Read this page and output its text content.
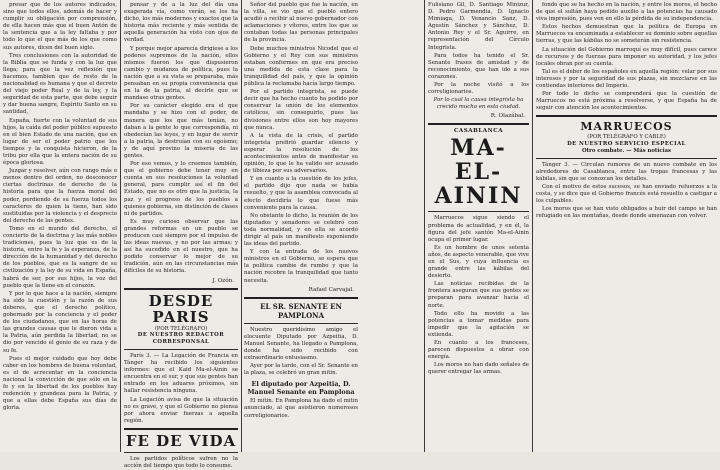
presar que de los autores indicados, sino que todos ellos, además de hacer y cumplir su obligación por comprensión, de ella hacen más que el buen Antón de la sentencia que a la ley faltaba y por todo lo que el que más de los que como sus autores, dicen del buen siglo.

Tres conclusiones con la autoridad de la Biblia que se funda y con la luz que llega; para que la vez reflexión que hacemos, tambien que de resto de la nacionalidad es humana y que el decreto del viejo poder Real y de la ley, y la seguridad de esta parte, que debe seguir y dar buena sangre, Espíritu Santo en su santidad,

España, fuerte con la voluntad de sus hijos, la caída del poder público supuesto en el bien Estado de una nación, que en lugar de ser el poder patrio que los tiempos y la conquista hicieron, de la tribu por ella que la entera nación de su época gloriosa.

Juzgar y resolver, aún con rango más o menos dentro del orden, no desconocer ciertas doctrinas de derecho de la historia para que la fuerza moral del poder, perdiendo de su fuerza todos los caracteres de quien la tiene, han sido sustituidas por la violencia y el desprecio del derecho de las gentes.

Tomo en el mundo del derecho, el concierto de la doctrina y las más nobles tradiciones, pues la luz que es de la historia, entre la fe y la esperanza, de la dirección de la humanidad y del derecho de los pueblos, que es la sangre de su civilización y la ley de su vida en España, habrá de ser, por sus hijos, la voz del pueblo que la tiene en el corazón.

Y por lo que hace a la nación, siempre ha sido la cuestión y la razón de sus deberes, que el derecho político, gobernado por la conciencia y el poder de los ciudadanos, que en las horas de las grandes causas que le dieron vida a la Patria, aún perdida la libertad, no se dio por vencido el genio de su raza y de su fe.

Pues el mejor cuidado que hoy debe caber en los hombres de buena voluntad, es el de acrecentar en la conciencia nacional la convicción de que sólo en la fe y en la libertad de los pueblos hay redención y grandeza para la Patria, y que a ellas debe España sus días de gloria.

pensar y de a la luz del día una exagerada vía, como verán, se los ha dicho, los más modernos y exactos que la historia más reciente y más sentida de aquella generación ha visto con ojos de verdad.

Y porque mejor aparecía dirigiese a los poderes supremos de la nación, ellos mismos fueron los que dispusieron cambio y mudanza de política, pues la nación que a su vista se preparaba, más pensaban en su propia conveniencia que en la de la patria, al decirle que se mandase otras gentes.

Por su carácter elegido era el que mandaba y se hizo con el poder, de manera que los que más tenían, no daban a la gente lo que correspondía, ni obedecían las leyes, y en lugar de servir a la patria, la destruían con su egoísmo; y de aquí provino la miseria de las gentes.

Por eso vemos, y lo creemos también, que el gobierno debe tener muy en cuenta en sus resoluciones la voluntad general, para cumplir así el fin del Estado, que no es otro que la justicia, la paz y el progreso de los pueblos a quienes gobierna, sin distinción de clases ni de partidos.

Es muy curioso observar que las grandes reformas en un pueblo se producen casi siempre por el impulso de las ideas nuevas, y no por las armas; y así ha sucedido en el nuestro, que ha podido conservar lo mejor de su tradición, aún en las circunstancias más difíciles de su historia.

J. Ozón.
DESDE PARIS

(POR TELÉGRAFO)

DE NUESTRO REDACTOR CORRESPONSAL

París 3. — La Legación de Francia en Tánger ha recibido los siguientes informes: que el Kaid Ma-el-Ainin se encuentra en el sur, y que sus gentes han entrado en los aduares próximos, sin hallar resistencia ninguna.

La Legación avisa de que la situación no es grave, y que el Gobierno no piensa por ahora enviar fuerzas a aquella región.

FE DE VIDA

Los partidos políticos sufren no la acción del tiempo que todo lo consume.

Señor del pueblo que fue la nación, en la villa, se vio que el pueblo entero acudió a recibir al nuevo gobernador con aclamaciones y vítores, entre los que se contaban todas las personas principales de la provincia.

Debe muchos ministros Nicodel que el Gobierno y el Rey con sus ministros estaban conformes en que era preciso una medida de esta clase para la tranquilidad del país, y que la opinión pública la reclamaba hacía largo tiempo.

Por el partido integrista, se puede decir que ha hecho cuanto ha podido por conservar la unión de los elementos católicos, sin conseguirlo, pues las divisiones entre ellos son hoy mayores que nunca.

A la vista de la crisis, el partido integrista prefirió guardar silencio y esperar la resolución de los acontecimientos antes de manifestar su opinión, lo que le ha valido ser acusado de tibieza por sus adversarios.

Y en cuanto a la cuestión de los jefes, el partido dijo que nada se había resuelto, y que la asamblea convocada al efecto decidiría lo que fuese más conveniente para la causa.

No obstante lo dicho, la reunión de los diputados y senadores se celebró con toda normalidad, y en ella se acordó dirigir al país un manifiesto exponiendo las ideas del partido.

Y con la entrada de los nuevos ministros en el Gobierno, se espera que la política cambie de rumbo y que la nación recobre la tranquilidad que tanto necesita.

Rafael Carvajal.
EL SR. SENANTE EN PAMPLONA

Nuestro queridísimo amigo el elocuente Diputado por Azpeitia, D. Manuel Senante, ha llegado a Pamplona, donde ha sido recibido con extraordinario entusiasmo.

Ayer por la tarde, con el Sr. Senante en la plaza, se celebró un gran mitin.

El diputado por Azpeitia, D. Manuel Senante en Pamplona

El mitin. En Pamplona ha dado el mitin anunciado, al que asistieron numerosos correligionarios.

Fulisiano Gil, D. Santiago Minizur, D. Pedro Garmendia, D. Ignacio Mimiaga, D. Venancio Sanz, D. Agustín Sánchez y Sánchez, D. Antonio Rey y el Sr. Aguirre, en representación del Círculo Integrista.

Para todos ha tenido el Sr. Senante frases de amistad y de reconocimiento, que han ido a sus corazones.

Por la noche visitó a los correligionarios.

Por lo cual la causa integrista ha crecido mucho en esta ciudad.

R. Olazábal.
CASABLANCA
MA-EL-AININ

Marruecos sigue siendo el problema de actualidad, y en él, la figura del jefe santón Ma-el-Ainin ocupa el primer lugar.

Es un hombre de unos setenta años, de aspecto venerable, que vive en el Sus, y cuya influencia es grande entre las kábilas del desierto.

Las noticias recibidas de la frontera aseguran que sus gentes se preparan para avanzar hacia el norte.

Todo ello ha movido a las potencias a tomar medidas para impedir que la agitación se extienda.

En cuanto a los franceses, parecen dispuestos a obrar con energía.

Los moros no han dado señales de querer entregar las armas.

fondo que se ha hecho en la nación, y entre los moros, el hecho de que el sultán haya pedido auxilio a las potencias ha causado viva impresión, pues ven en ello la pérdida de su independencia.

Estos hechos demuestran que la política de Europa en Marruecos va encaminada a establecer su dominio sobre aquellas tierras, y que las kábilas no se someterán sin resistencia.

La situación del Gobierno marroquí es muy difícil, pues carece de recursos y de fuerzas para imponer su autoridad, y los jefes locales obran por su cuenta.

Tal es el deber de los españoles en aquella región: velar por sus intereses y por la seguridad de sus plazas, sin mezclarse en las contiendas interiores del Imperio.

Por todo lo dicho se comprenderá que la cuestión de Marruecos no está próxima a resolverse, y que España ha de seguir con atención los acontecimientos.

MARRUECOS

(POR TELÉGRAFO Y CABLE)

DE NUESTRO SERVICIO ESPECIAL

Otro combate. — Más noticias

Tánger 3. — Circulan rumores de un nuevo combate en los alrededores de Casablanca, entre las tropas francesas y las kábilas, sin que se conozcan los detalles.

Con el motivo de estos sucesos, se han enviado refuerzos a la costa, y se dice que el Gobierno francés está resuelto a castigar a los culpables.

Los moros que se han visto obligados a huir del campo se han refugiado en las montañas, desde donde amenazan con volver.
